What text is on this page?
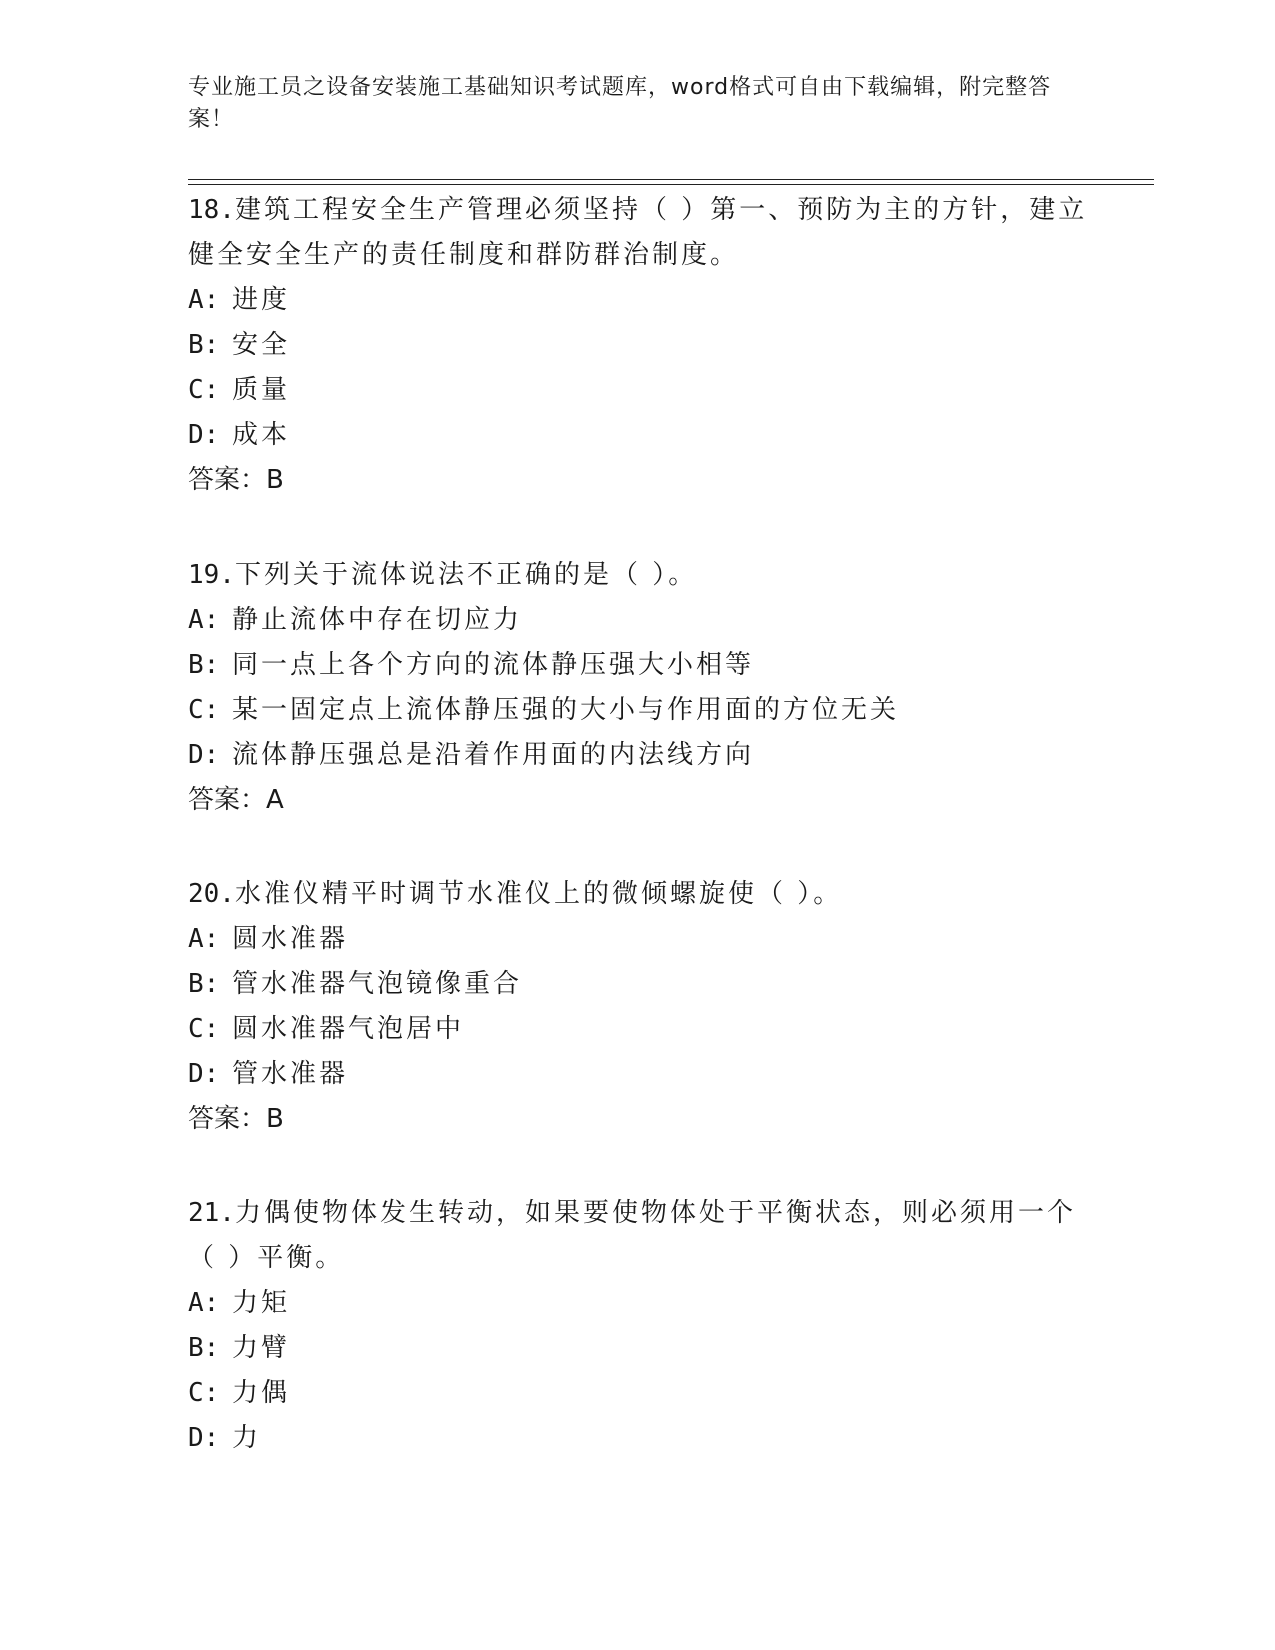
专业施工员之设备安装施工基础知识考试题库，word格式可自由下载编辑，附完整答案！

18.建筑工程安全生产管理必须坚持（ ）第一、预防为主的方针，建立健全安全生产的责任制度和群防群治制度。

A: 进度

B: 安全

C: 质量

D: 成本

答案：B

19.下列关于流体说法不正确的是（ ）。

A: 静止流体中存在切应力

B: 同一点上各个方向的流体静压强大小相等

C: 某一固定点上流体静压强的大小与作用面的方位无关

D: 流体静压强总是沿着作用面的内法线方向

答案：A

20.水准仪精平时调节水准仪上的微倾螺旋使（ ）。

A: 圆水准器

B: 管水准器气泡镜像重合

C: 圆水准器气泡居中

D: 管水准器

答案：B

21.力偶使物体发生转动，如果要使物体处于平衡状态，则必须用一个（ ）平衡。

A: 力矩

B: 力臂

C: 力偶

D: 力
